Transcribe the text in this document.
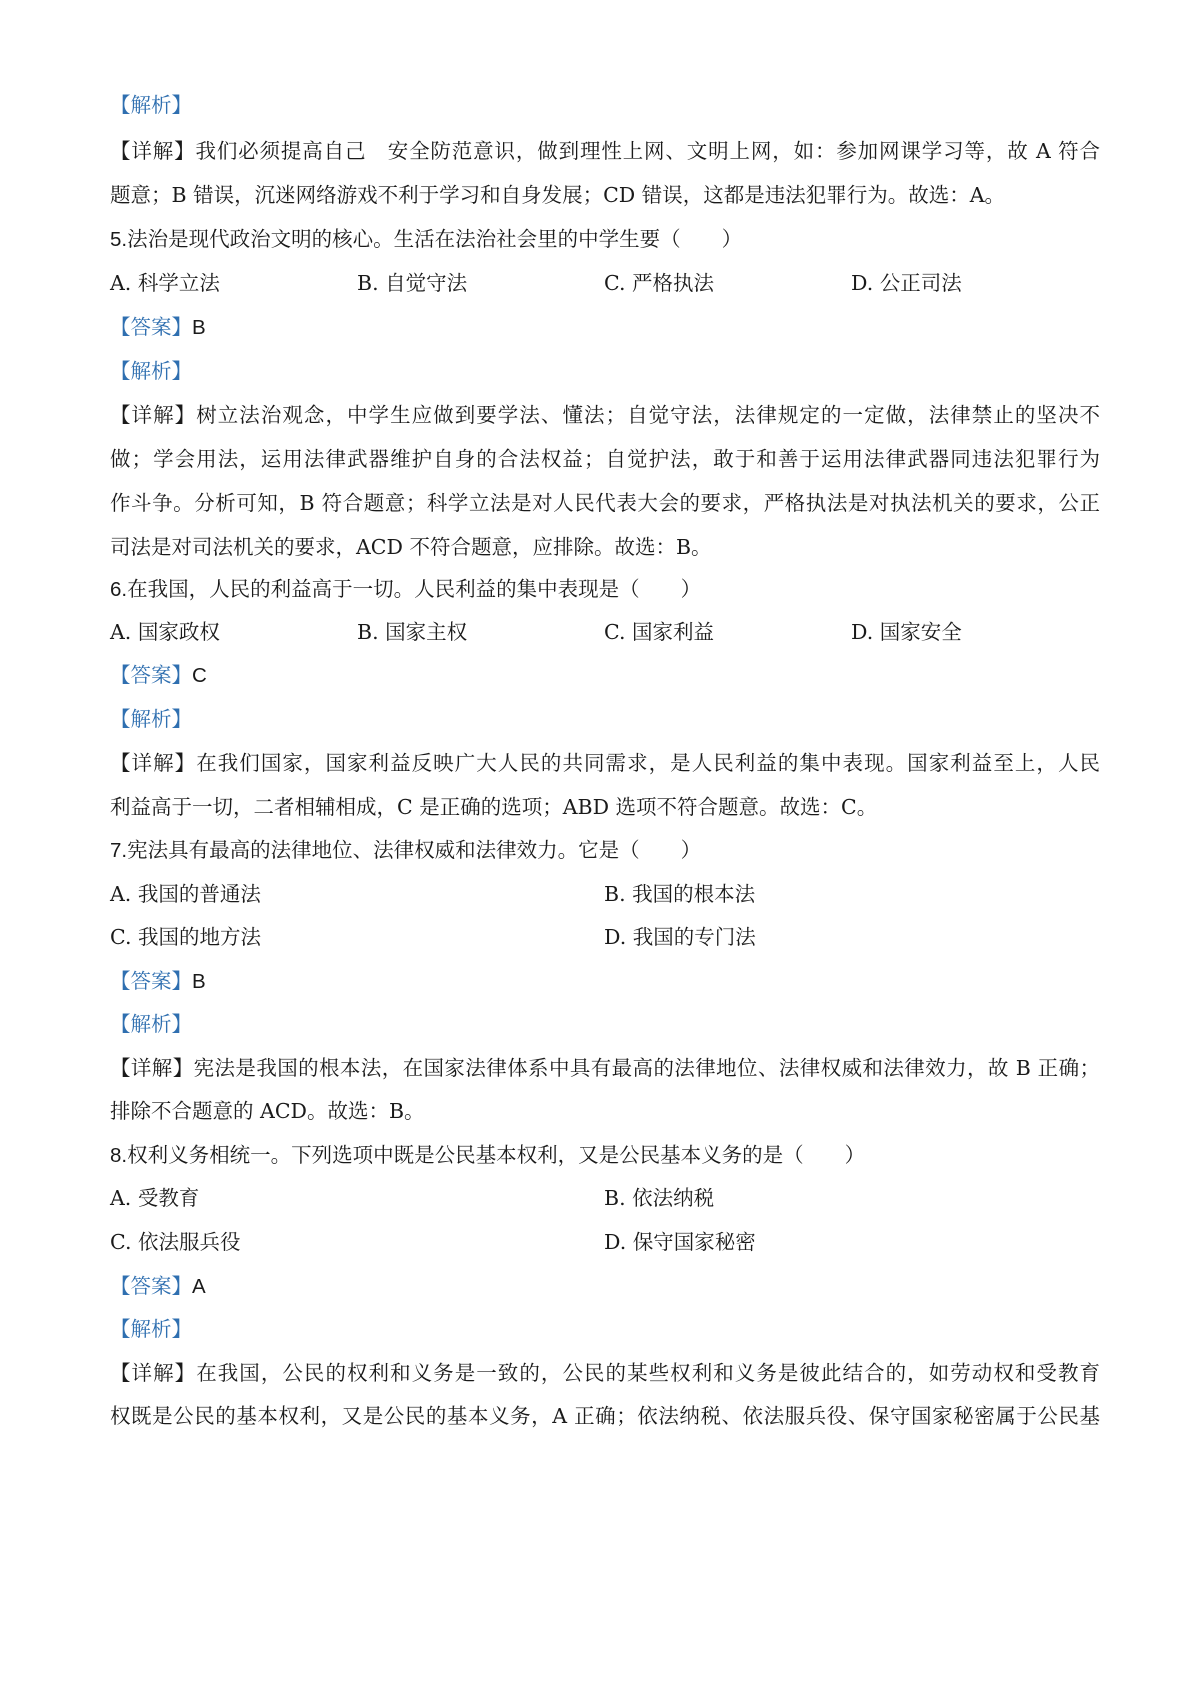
【解析】
【详解】我们必须提高自己　安全防范意识，做到理性上网、文明上网，如：参加网课学习等，故 A 符合
题意；B 错误，沉迷网络游戏不利于学习和自身发展；CD 错误，这都是违法犯罪行为。故选：A。
5.法治是现代政治文明的核心。生活在法治社会里的中学生要（　　）
A. 科学立法	B. 自觉守法	C. 严格执法	D. 公正司法
【答案】B
【解析】
【详解】树立法治观念，中学生应做到要学法、懂法；自觉守法，法律规定的一定做，法律禁止的坚决不
做；学会用法，运用法律武器维护自身的合法权益；自觉护法，敢于和善于运用法律武器同违法犯罪行为
作斗争。分析可知，B 符合题意；科学立法是对人民代表大会的要求，严格执法是对执法机关的要求，公正
司法是对司法机关的要求，ACD 不符合题意，应排除。故选：B。
6.在我国，人民的利益高于一切。人民利益的集中表现是（　　）
A. 国家政权	B. 国家主权	C. 国家利益	D. 国家安全
【答案】C
【解析】
【详解】在我们国家，国家利益反映广大人民的共同需求，是人民利益的集中表现。国家利益至上，人民
利益高于一切，二者相辅相成，C 是正确的选项；ABD 选项不符合题意。故选：C。
7.宪法具有最高的法律地位、法律权威和法律效力。它是（　　）
A. 我国的普通法	B. 我国的根本法
C. 我国的地方法	D. 我国的专门法
【答案】B
【解析】
【详解】宪法是我国的根本法，在国家法律体系中具有最高的法律地位、法律权威和法律效力，故 B 正确；
排除不合题意的 ACD。故选：B。
8.权利义务相统一。下列选项中既是公民基本权利，又是公民基本义务的是（　　）
A. 受教育	B. 依法纳税
C. 依法服兵役	D. 保守国家秘密
【答案】A
【解析】
【详解】在我国，公民的权利和义务是一致的，公民的某些权利和义务是彼此结合的，如劳动权和受教育
权既是公民的基本权利，又是公民的基本义务，A 正确；依法纳税、依法服兵役、保守国家秘密属于公民基
